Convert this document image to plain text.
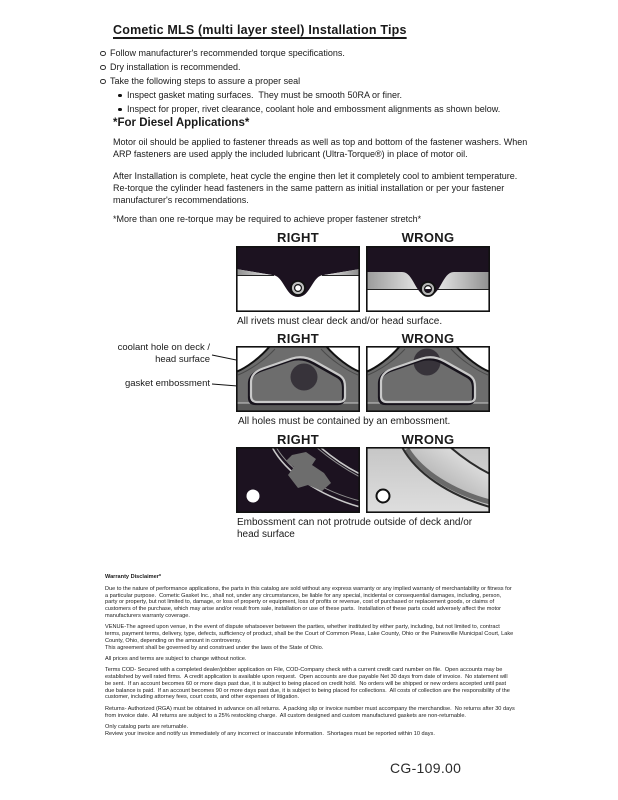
Cometic MLS (multi layer steel) Installation Tips
Follow manufacturer's recommended torque specifications.
Dry installation is recommended.
Take the following steps to assure a proper seal
Inspect gasket mating surfaces.  They must be smooth 50RA or finer.
Inspect for proper, rivet clearance, coolant hole and embossment alignments as shown below.
*For Diesel Applications*
Motor oil should be applied to fastener threads as well as top and bottom of the fastener washers. When ARP fasteners are used apply the included lubricant (Ultra-Torque®) in place of motor oil.
After Installation is complete, heat cycle the engine then let it completely cool to ambient temperature. Re-torque the cylinder head fasteners in the same pattern as initial installation or per your fastener manufacturer's recommendations.
*More than one re-torque may be required to achieve proper fastener stretch*
RIGHT	WRONG
All rivets must clear deck and/or head surface.
RIGHT	WRONG
coolant hole on deck / head surface
gasket embossment
All holes must be contained by an embossment.
RIGHT	WRONG
Embossment can not protrude outside of deck and/or head surface
Warranty Disclaimer*

Due to the nature of performance applications, the parts in this catalog are sold without any express warranty or any implied warranty of merchantability or fitness for a particular purpose.  Cometic Gasket Inc., shall not, under any circumstances, be liable for any special, incidental or consequential damages, including, person, party or property, but not limited to, damage, or loss of property or equipment, loss of profits or revenue, cost of purchased or replacement goods, or claims of customers of the purchase, which may arise and/or result from sale, installation or use of these parts.  Installation of these parts could adversely affect the motor manufacturers warranty coverage.

VENUE-The agreed upon venue, in the event of dispute whatsoever between the parties, whether instituted by either party, including, but not limited to, contract terms, payment terms, delivery, type, defects, sufficiency of product, shall be the Court of Common Pleas, Lake County, Ohio or the Painesville Municipal Court, Lake County, Ohio, depending on the amount in controversy.

This agreement shall be governed by and construed under the laws of the State of Ohio.

All prices and terms are subject to change without notice.

Terms COD- Secured with a completed dealer/jobber application on File, COD-Company check with a current credit card number on file.  Open accounts may be established by well rated firms.  A credit application is available upon request.  Open accounts are due payable Net 30 days from date of invoice.  No statement will be sent.  If an account becomes 60 or more days past due, it is subject to being placed on credit hold.  No orders will be shipped or new orders accepted until past due balance is paid.  If an account becomes 90 or more days past due, it is subject to being placed for collections.  All costs of collection are the responsibility of the customer, including attorney fees, court costs, and other expenses of litigation.

Returns- Authorized (RGA) must be obtained in advance on all returns.  A packing slip or invoice number must accompany the merchandise.  No returns after 30 days from invoice date.  All returns are subject to a 25% restocking charge.  All custom designed and custom manufactured gaskets are non-returnable.

Only catalog parts are returnable.

Review your invoice and notify us immediately of any incorrect or inaccurate information.  Shortages must be reported within 10 days.

CG-109.00
